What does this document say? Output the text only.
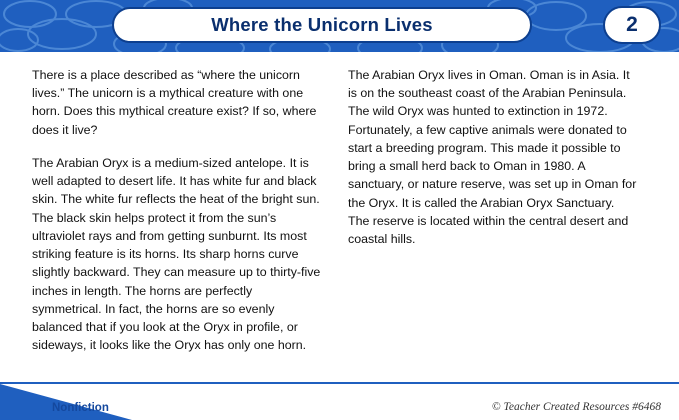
Where the Unicorn Lives	2

There is a place described as “where the unicorn lives.” The unicorn is a mythical creature with one horn. Does this mythical creature exist? If so, where does it live?

The Arabian Oryx is a medium-sized antelope. It is well adapted to desert life. It has white fur and black skin. The white fur reflects the heat of the bright sun. The black skin helps protect it from the sun’s ultraviolet rays and from getting sunburnt. Its most striking feature is its horns. Its sharp horns curve slightly backward. They can measure up to thirty-five inches in length. The horns are perfectly symmetrical. In fact, the horns are so evenly balanced that if you look at the Oryx in profile, or sideways, it looks like the Oryx has only one horn.

The Arabian Oryx lives in Oman. Oman is in Asia. It is on the southeast coast of the Arabian Peninsula. The wild Oryx was hunted to extinction in 1972. Fortunately, a few captive animals were donated to start a breeding program. This made it possible to bring a small herd back to Oman in 1980. A sanctuary, or nature reserve, was set up in Oman for the Oryx. It is called the Arabian Oryx Sanctuary. The reserve is located within the central desert and coastal hills.

Nonfiction	© Teacher Created Resources #6468
